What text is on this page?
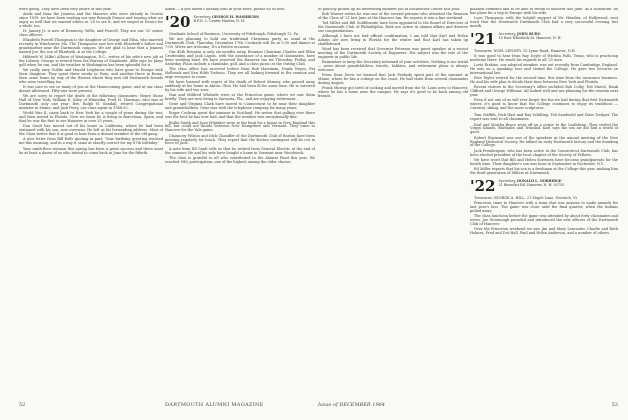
were going. They have been very aware of this year.

Aside and from the Jeaness and the Maurers who were already in Oconto since 1939, we have been reading our way through France and touring what we enjoy so well that we wanted others in '20 to see it, and we stayed at Dean's for a while, too.

H. Janney Jr. is now of Hennessy, Wells, and Purcell. They are our '20 senior class officers.

Elizabeth Purcell Thompson is the daughter of George and Elisa, who married recently in Winchester, Mo. The Thompsons now live with Elizabeth's father and grandmother near the Dartmouth campus. We are glad to hear that a Jeaness named Joe, the son of Elizabeth, is at the College.

Hildreth W. (Alfie) Allison of Washington, D.C., writes of his wife's new job at the Library. George is retired from the Bureau of Standards. Alfie says he plays golf when he can, and the weather in Washington has been splendid for it.

We really envy Goldie and Harold Leightons who have gone to Europe with their daughter. They spent three weeks in Paris, and another three in Rome, then came home by way of the Riviera where they met old Dartmouth friends who were travelling too.

It was nice to see so many of you at the Homecoming game, and at our class dinner afterward. Fifty-one were present.

We are sorry to report the death of the following classmates: Henry Stone Hall of New York; William E. Kiley of Winnetka; Fred H. Thurman, who was at Dartmouth only one year; Rev. Ralph H. Kendall, retired Congregational minister in Maine; and Jack Perry, our class agent in 1948-52.

World War II, came back to New York for a couple of years during the war, and then moved to Florida. Now we learn he is living in Barcelona, Spain, and that he was the first to see Hanover in over 25 years.

Don Gault has moved out of his home in California, where he had been stationed with his son, now overseas. He left us his forwarding address. Most of the Class writes that it is good to hear from a distant member of the old gang.

A nice letter from Bill Eells quoting in part, 'Your birthday greeting reached me this morning, and in a way it came at exactly correct for my 67th birthday.'

Your ninth-floor reunion this spring has been a great success and there must be at least a dozen of us who intend to come back in June for the fiftieth.

Aiken — if you haven't already sent in your news, please do so now.

'20 Secretary, GEORGE H. WASHBURN
R.F.D. 2, Center Harbor, N. H.

Graduate School of Business, University of Pittsburgh, Pittsburgh 13, Pa.

We are planning to hold our traditional Christmas party as usual at the Dartmouth Club, Thursday, December 17th. Cocktails will be at 5:30 and dinner at 7:00. Wives are welcome; it's a festive occasion.

Our 45th Reunion is only six months away. Reunion Chairman Charles and Ellen Cruttenden and Jack Lagois, with the assistance of a number of classmates, have been working hard. We have reserved the Hanover Inn for Thursday, Friday, and Saturday. Plans include a clambake, golf, and a class picnic at the Outing Club.

The class office has received letters from Bob Harriman, Frank Noyes, Pat Holbrook and Ken Hilds Tedesco. They are all looking forward to the reunion and urge everyone to come.

We have learned with regret of the death of Robert Kenney, who passed away suddenly at his home in Akron, Ohio. He had been ill for some time. He is survived by his wife and two sons.

Nan and Mildred Whitside were at the Princeton game, where we saw them briefly. They are now living in Sarasota, Fla., and are enjoying retirement.

Gene and Virginia Clark have moved to Connecticut to be near their daughter and grandchildren. Gene was with the telephone company for many years.

Roger Cochran spent the summer in Scotland. He writes that golfing over there was the best he has ever had, and that the weather was exceptionally fine.

Rollie Smith and Joan Whitaker were in the hunt for a house in New England this fall, but could not decide between New Hampshire and Vermont. They came to Hanover for the Yale game.

Chauncey Wilson and Dick Chandler of the Dartmouth Club of Boston have been meeting regularly for lunch. They report that the Boston contingent will be out in force in June.

A note from Ed Gault tells us that he retired from General Electric at the end of the summer. He and his wife have bought a home in Vermont near Woodstock.

The class is grateful to all who contributed to the Alumni Fund this year. We reached 94% participation, one of the highest among the older classes.

to publicly picked up an interesting member job at Rockefeller Center this year.

Bob Warner writes he was one of the several persons who attended the Reunion of the Class of '21 last June at the Hanover Inn. He reports it was a fine weekend.

Ted Miller and Bill Goldthwaite have been appointed to the Board of Directors of the Dartmouth Club of Philadelphia. Both are active in alumni affairs and deserve our congratulations.

Although I have not had official confirmation, I am told that Karl and Helen Adams are now living in Florida for the winter and that Karl has taken up shuffleboard.

Word has been received that Governor Peterson was guest speaker at a recent meeting of the Dartmouth Society of Engineers. His subject was the role of the engineer in public life.

Remember to keep the Secretary informed of your activities. Nothing is too trivial — news about grandchildren, travels, hobbies, and retirement plans is always welcome.

From Dean Davis we learned that Jack Peabody spent part of the summer in Maine, where he has a cottage on the coast. He had visits from several classmates during August.

Frank Murray got tired of cooking and moved from the St. Louis area to Hanover, where he has a home near the campus. He says it's good to be back among old friends.

planned elements and to be able to retain to hanover last June. As a substitute, he has plans for a trip to Europe with his wife.

Luce Thompson, with the helpful support of Mr. Hendrix, of Hollywood, sent word that the Greenwich Dartmouth Club had a very successful evening last month.

'21 Secretary, JOHN BURG
15 East Wheelock St. Hanover, N. H.

Treasurer, NOEL LENNEY, 15 Lyme Road, Hanover, N.H.

It was good to hear from Ray Doyle of Wichita Falls, Texas, who is practicing medicine there. He sends his regards to all '21 men.

Lorie Erskine, our adopted member, was out recently from Cambridge, England. He was on a speaking tour and visited the College. He gave two lectures on international law.

Pete Taylor retired for the second time, this time from the insurance business. He and his wife plan to divide their time between New York and Florida.

Recent visitors to the Secretary's office included Bob Colby, Ted Marsh, Hank Clifford and George Williams. All looked well and are planning for the reunion next year.

Even if not one of us will ever forget the fun we had during that first Dartmouth winter, it's good to know that the College continues to enjoy its traditions — Carnival, skiing, and the snow sculptures.

Tom Griffith, Dick Hart and Ray Schilling. Ted Sandwold and Dixie Tredger. The report was sent to all classmates.

Karl and Martha Brace went off on a cruise to the Caribbean. They visited the Virgin Islands, Barbados and Trinidad. Karl says the sea air did him a world of good.

Robert Raymond was one of the speakers at the annual meeting of the New England Historical Society. He talked on early Dartmouth history and the founding of the College.

Jack Prendergast, who has been active in the Connecticut Dartmouth Club, has been elected president of the local chapter of the Society of Fellows.

We have word that Bill and Helen Sorensen have become grandparents for the fourth time. Their daughter's son was born in September in Rochester, N.Y.

Ed Miller reports that his son is a freshman at the College this year, making him the third generation of Millers at Dartmouth.

'22 Secretary, DONALD L. NORRIDGE
21 Benedict Rd. Hanover, N. H. 03755

Treasurer, GEORGE A. HILL, 21 Maple Lane, Norwich, Vt.

Princeton came to Hanover with a team that was anxious to make amends for last year's loss. The game was close until the final quarter, when the Indians pulled away.

The class luncheon before the game was attended by about forty classmates and wives. Joe Greenough presided and introduced the new officers of the Dartmouth Club of Hanover.

Over the Princeton weekend we saw Jim and Mary Lancaster, Charlie and Ruth Holmes, Fred and Dot Hall, Paul and Helen Anderson, and a number of others.

52	DARTMOUTH ALUMNI MAGAZINE	Issue of DECEMBER 1964	53
